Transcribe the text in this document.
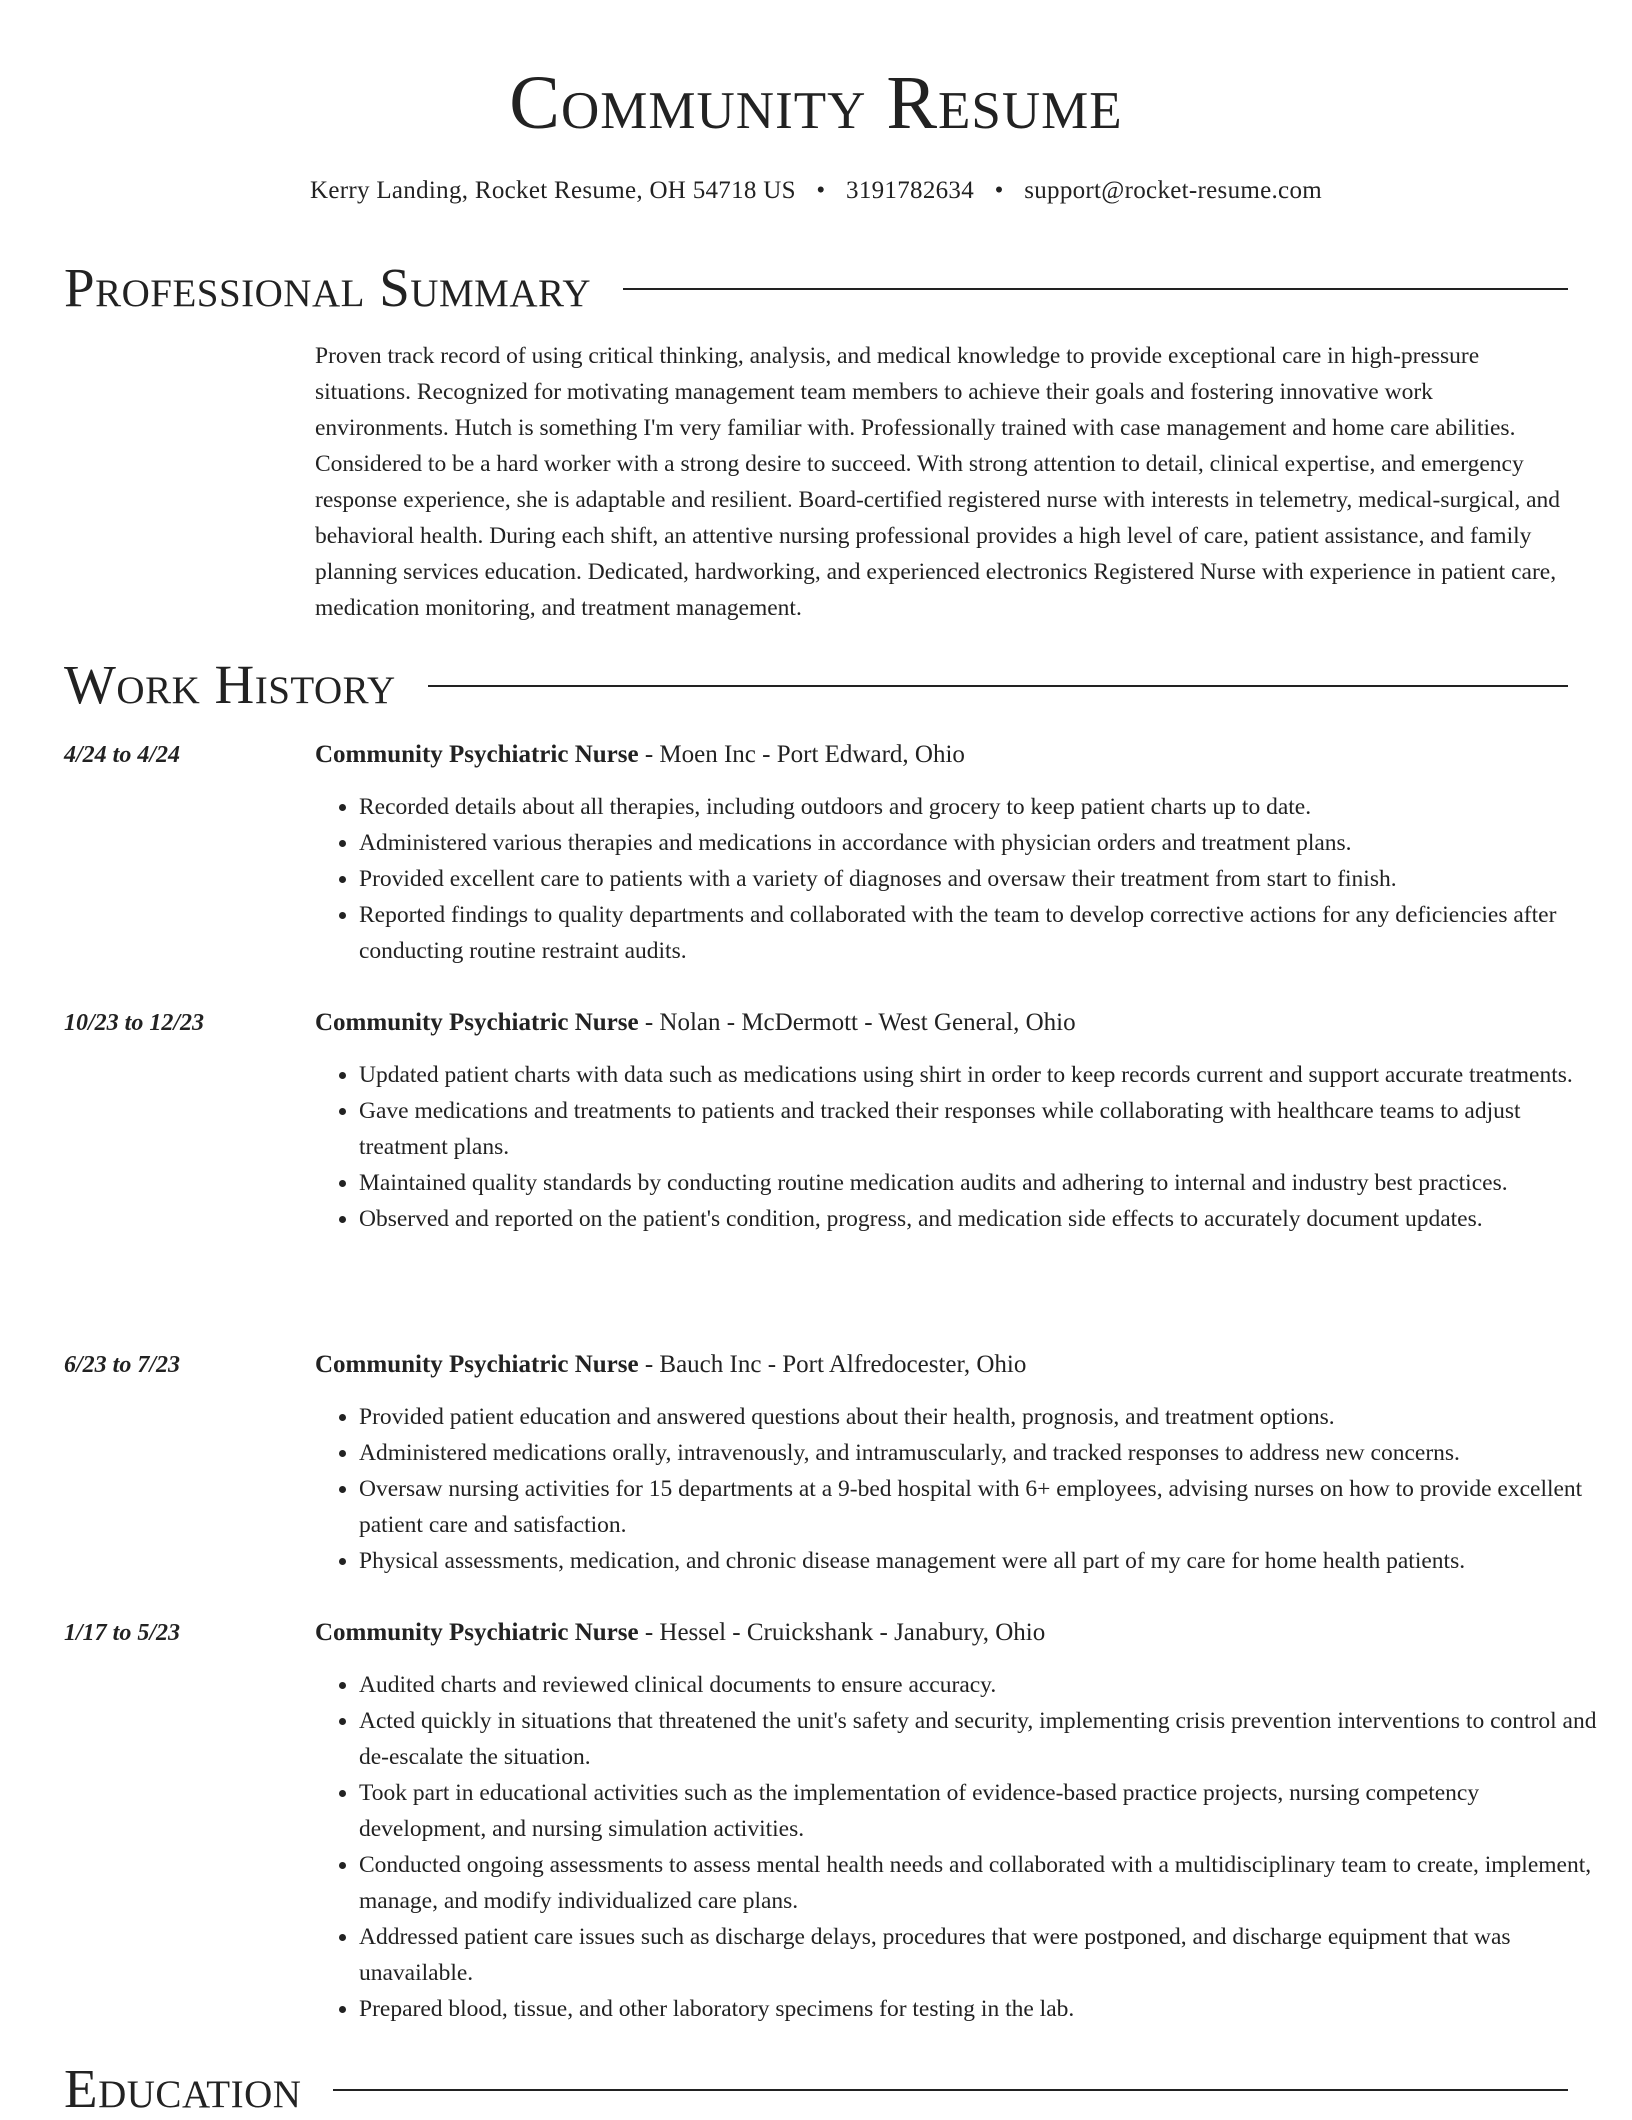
Community Resume
Kerry Landing, Rocket Resume, OH 54718 US • 3191782634 • support@rocket-resume.com
Professional Summary

Proven track record of using critical thinking, analysis, and medical knowledge to provide exceptional care in high-pressure situations. Recognized for motivating management team members to achieve their goals and fostering innovative work environments. Hutch is something I'm very familiar with. Professionally trained with case management and home care abilities. Considered to be a hard worker with a strong desire to succeed. With strong attention to detail, clinical expertise, and emergency response experience, she is adaptable and resilient. Board-certified registered nurse with interests in telemetry, medical-surgical, and behavioral health. During each shift, an attentive nursing professional provides a high level of care, patient assistance, and family planning services education. Dedicated, hardworking, and experienced electronics Registered Nurse with experience in patient care, medication monitoring, and treatment management.

Work History
4/24 to 4/24	Community Psychiatric Nurse - Moen Inc - Port Edward, Ohio
• Recorded details about all therapies, including outdoors and grocery to keep patient charts up to date.
• Administered various therapies and medications in accordance with physician orders and treatment plans.
• Provided excellent care to patients with a variety of diagnoses and oversaw their treatment from start to finish.
• Reported findings to quality departments and collaborated with the team to develop corrective actions for any deficiencies after conducting routine restraint audits.
10/23 to 12/23	Community Psychiatric Nurse - Nolan - McDermott - West General, Ohio
• Updated patient charts with data such as medications using shirt in order to keep records current and support accurate treatments.
• Gave medications and treatments to patients and tracked their responses while collaborating with healthcare teams to adjust treatment plans.
• Maintained quality standards by conducting routine medication audits and adhering to internal and industry best practices.
• Observed and reported on the patient's condition, progress, and medication side effects to accurately document updates.
6/23 to 7/23	Community Psychiatric Nurse - Bauch Inc - Port Alfredocester, Ohio
• Provided patient education and answered questions about their health, prognosis, and treatment options.
• Administered medications orally, intravenously, and intramuscularly, and tracked responses to address new concerns.
• Oversaw nursing activities for 15 departments at a 9-bed hospital with 6+ employees, advising nurses on how to provide excellent patient care and satisfaction.
• Physical assessments, medication, and chronic disease management were all part of my care for home health patients.
1/17 to 5/23	Community Psychiatric Nurse - Hessel - Cruickshank - Janabury, Ohio
• Audited charts and reviewed clinical documents to ensure accuracy.
• Acted quickly in situations that threatened the unit's safety and security, implementing crisis prevention interventions to control and de-escalate the situation.
• Took part in educational activities such as the implementation of evidence-based practice projects, nursing competency development, and nursing simulation activities.
• Conducted ongoing assessments to assess mental health needs and collaborated with a multidisciplinary team to create, implement, manage, and modify individualized care plans.
• Addressed patient care issues such as discharge delays, procedures that were postponed, and discharge equipment that was unavailable.
• Prepared blood, tissue, and other laboratory specimens for testing in the lab.
Education
